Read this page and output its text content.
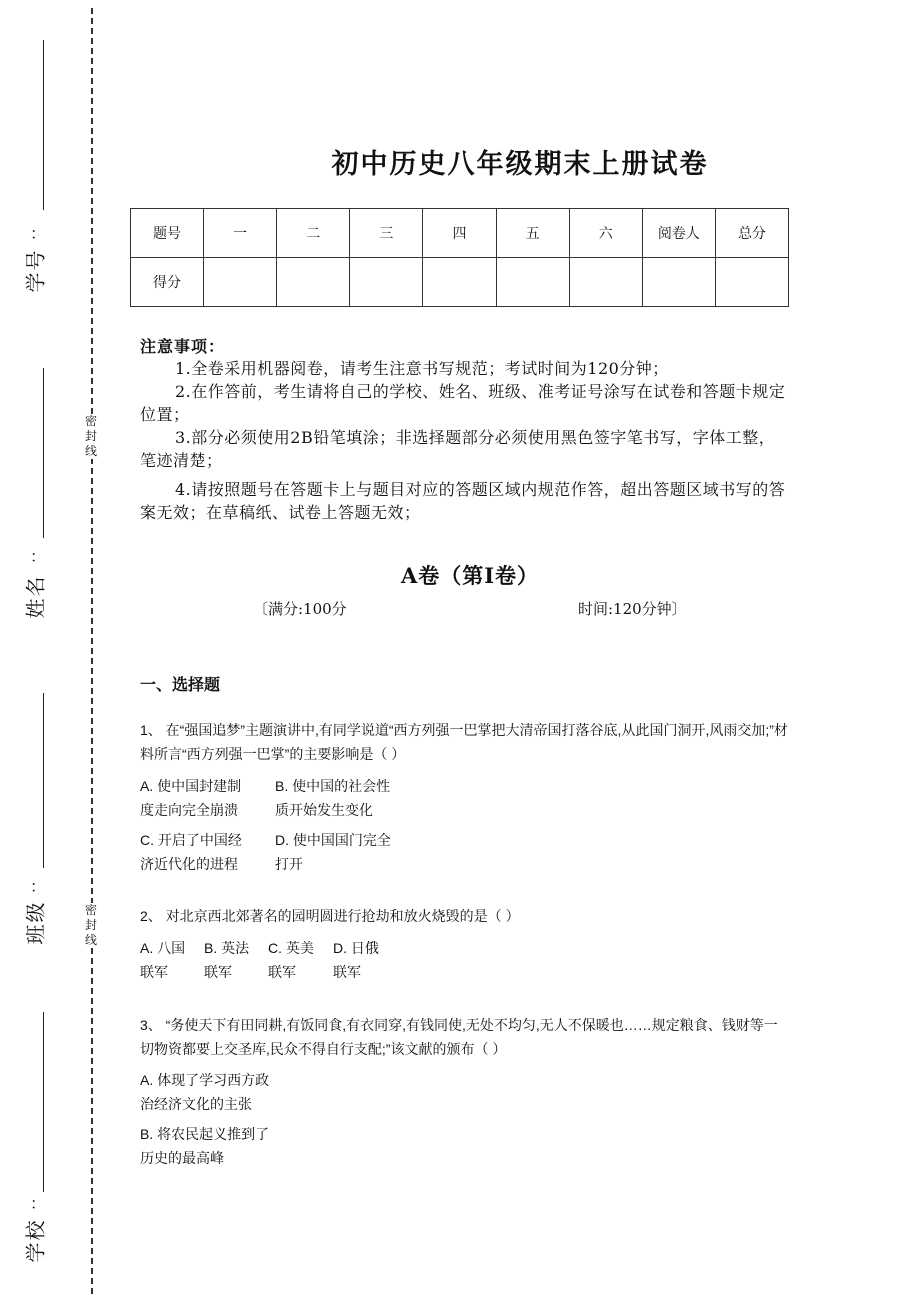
：
学号
：
姓名
：
班级
：
学校
密
封
线
密
封
线
初中历史八年级期末上册试卷
题号	一	二	三	四	五	六	阅卷人	总分
得分								
注意事项：
1.全卷采用机器阅卷，请考生注意书写规范；考试时间为120分钟；
2.在作答前，考生请将自己的学校、姓名、班级、准考证号涂写在试卷和答题卡规定位置；
3.部分必须使用2B铅笔填涂；非选择题部分必须使用黑色签字笔书写，字体工整，笔迹清楚；
4.请按照题号在答题卡上与题目对应的答题区域内规范作答，超出答题区域书写的答案无效；在草稿纸、试卷上答题无效；
A卷（第I卷）
〔满分:100分	时间:120分钟〕
一、选择题
1、 在“强国追梦”主题演讲中,有同学说道“西方列强一巴掌把大清帝国打落谷底,从此国门洞开,风雨交加;”材料所言“西方列强一巴掌”的主要影响是（ ）
A. 使中国封建制
度走向完全崩溃
B. 使中国的社会性
质开始发生变化
C. 开启了中国经
济近代化的进程
D. 使中国国门完全
打开
2、 对北京西北郊著名的园明圆进行抢劫和放火烧毁的是（ ）
A. 八国
联军
B. 英法
联军
C. 英美
联军
D. 日俄
联军
3、 “务使天下有田同耕,有饭同食,有衣同穿,有钱同使,无处不均匀,无人不保暖也……规定粮食、钱财等一切物资都要上交圣库,民众不得自行支配;”该文献的颁布（ ）
A. 体现了学习西方政
治经济文化的主张
B. 将农民起义推到了
历史的最高峰
